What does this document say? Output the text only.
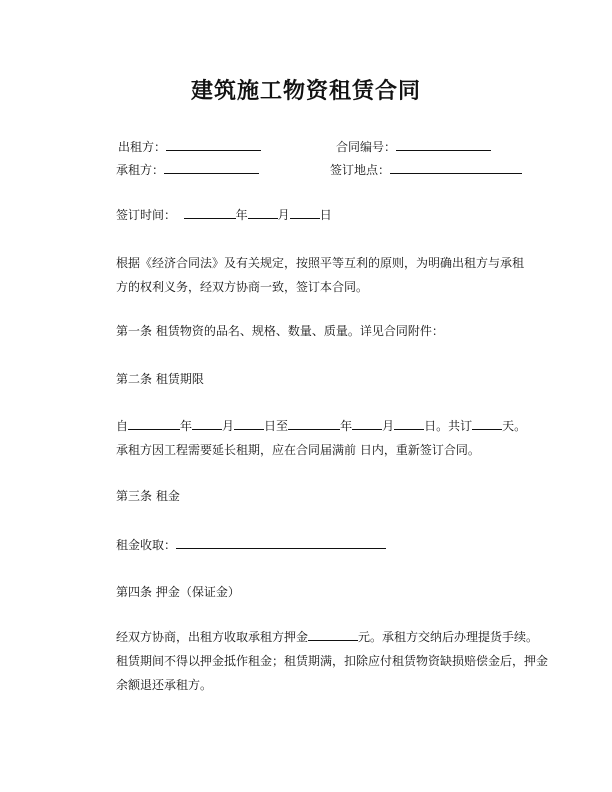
建筑施工物资租赁合同
出租方：	合同编号：
承租方：	签订地点：
签订时间：	年	月	日
根据《经济合同法》及有关规定，按照平等互利的原则，为明确出租方与承租
方的权利义务，经双方协商一致，签订本合同。
第一条 租赁物资的品名、规格、数量、质量。详见合同附件：
第二条 租赁期限
自	年	月	日至	年	月	日。共订	天。
承租方因工程需要延长租期，应在合同届满前 日内，重新签订合同。
第三条 租金
租金收取：
第四条 押金（保证金）
经双方协商，出租方收取承租方押金	元。承租方交纳后办理提货手续。
租赁期间不得以押金抵作租金；租赁期满，扣除应付租赁物资缺损赔偿金后，押金
余额退还承租方。
